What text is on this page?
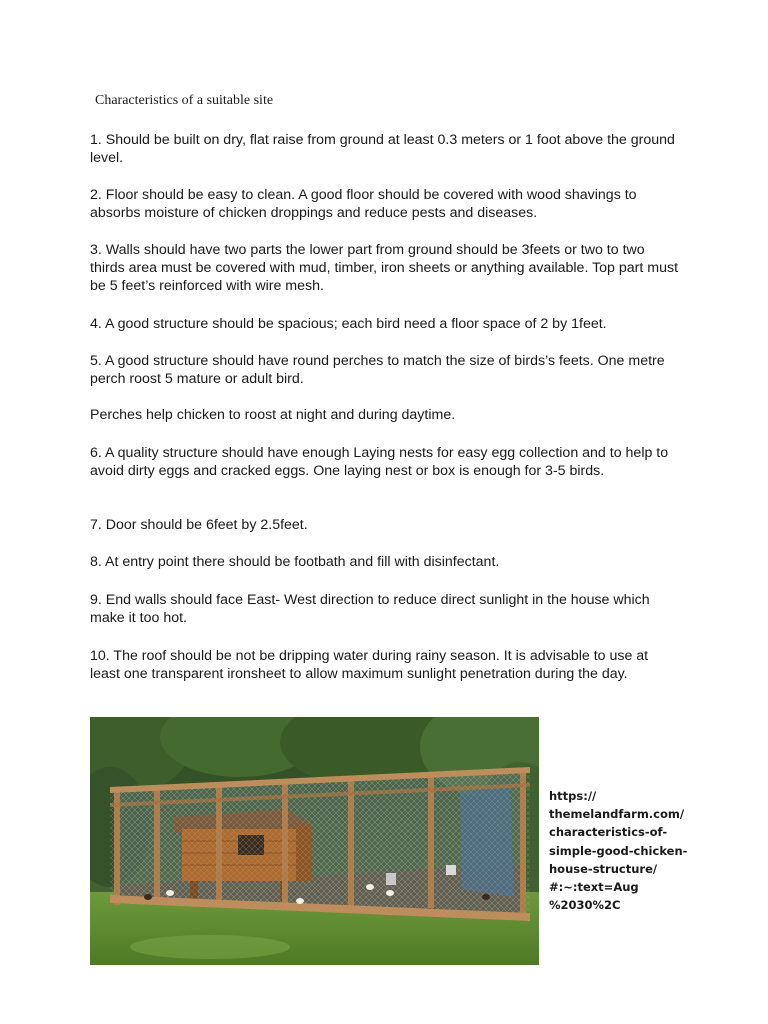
Characteristics of a suitable site

1. Should be built on dry, flat raise from ground at least 0.3 meters or 1 foot above the ground level.

2. Floor should be easy to clean. A good floor should be covered with wood shavings to absorbs moisture of chicken droppings and reduce pests and diseases.

3. Walls should have two parts the lower part from ground should be 3feets or two to two thirds area must be covered with mud, timber, iron sheets or anything available. Top part must be 5 feet’s reinforced with wire mesh.

4. A good structure should be spacious; each bird need a floor space of 2 by 1feet.

5. A good structure should have round perches to match the size of birds’s feets. One metre perch roost 5 mature or adult bird.

Perches help chicken to roost at night and during daytime.

6. A quality structure should have enough Laying nests for easy egg collection and to help to avoid dirty eggs and cracked eggs. One laying nest or box is enough for 3-5 birds.

7. Door should be 6feet by 2.5feet.

8. At entry point there should be footbath and fill with disinfectant.

9. End walls should face East- West direction to reduce direct sunlight in the house which make it too hot.

10. The roof should be not be dripping water during rainy season. It is advisable to use at least one transparent ironsheet to allow maximum sunlight penetration during the day.

https://
themelandfarm.com/
characteristics-of-
simple-good-chicken-
house-structure/
#:~:text=Aug
%2030%2C
